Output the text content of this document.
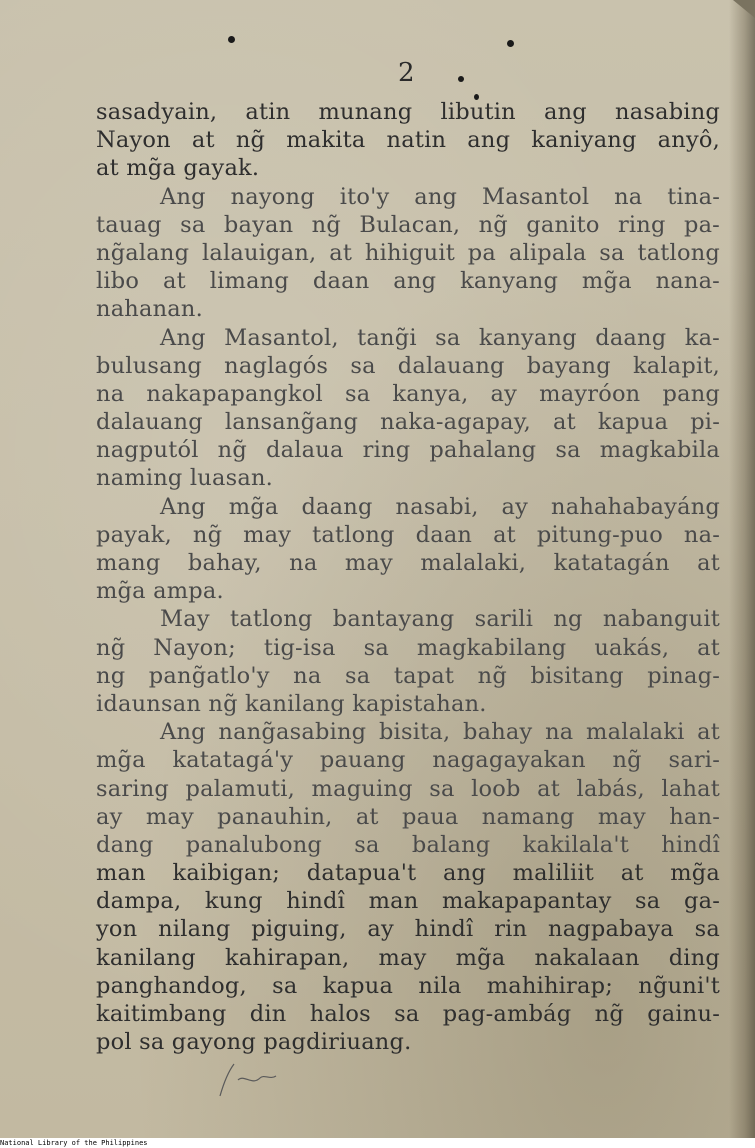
2
sasadyain, atin munang libutin ang nasabing
Nayon at ng̃ makita natin ang kaniyang anyô,
at mg̃a gayak.
Ang nayong ito'y ang Masantol na tina-
tauag sa bayan ng̃ Bulacan, ng̃ ganito ring pa-
ng̃alang lalauigan, at hihiguit pa alipala sa tatlong
libo at limang daan ang kanyang mg̃a nana-
nahanan.
Ang Masantol, tang̃i sa kanyang daang ka-
bulusang naglagós sa dalauang bayang kalapit,
na nakapapangkol sa kanya, ay mayróon pang
dalauang lansang̃ang naka-agapay, at kapua pi-
nagputól ng̃ dalaua ring pahalang sa magkabila
naming luasan.
Ang mg̃a daang nasabi, ay nahahabayáng
payak, ng̃ may tatlong daan at pitung-puo na-
mang bahay, na may malalaki, katatagán at
mg̃a ampa.
May tatlong bantayang sarili ng nabanguit
ng̃ Nayon; tig-isa sa magkabilang uakás, at
ng pang̃atlo'y na sa tapat ng̃ bisitang pinag-
idaunsan ng̃ kanilang kapistahan.
Ang nang̃asabing bisita, bahay na malalaki at
mg̃a katatagá'y pauang nagagayakan ng̃ sari-
saring palamuti, maguing sa loob at labás, lahat
ay may panauhin, at paua namang may han-
dang panalubong sa balang kakilala't hindî
man kaibigan; datapua't ang maliliit at mg̃a
dampa, kung hindî man makapapantay sa ga-
yon nilang piguing, ay hindî rin nagpabaya sa
kanilang kahirapan, may mg̃a nakalaan ding
panghandog, sa kapua nila mahihirap; ng̃uni't
kaitimbang din halos sa pag-ambág ng̃ gainu-
pol sa gayong pagdiriuang.
National Library of the Philippines
